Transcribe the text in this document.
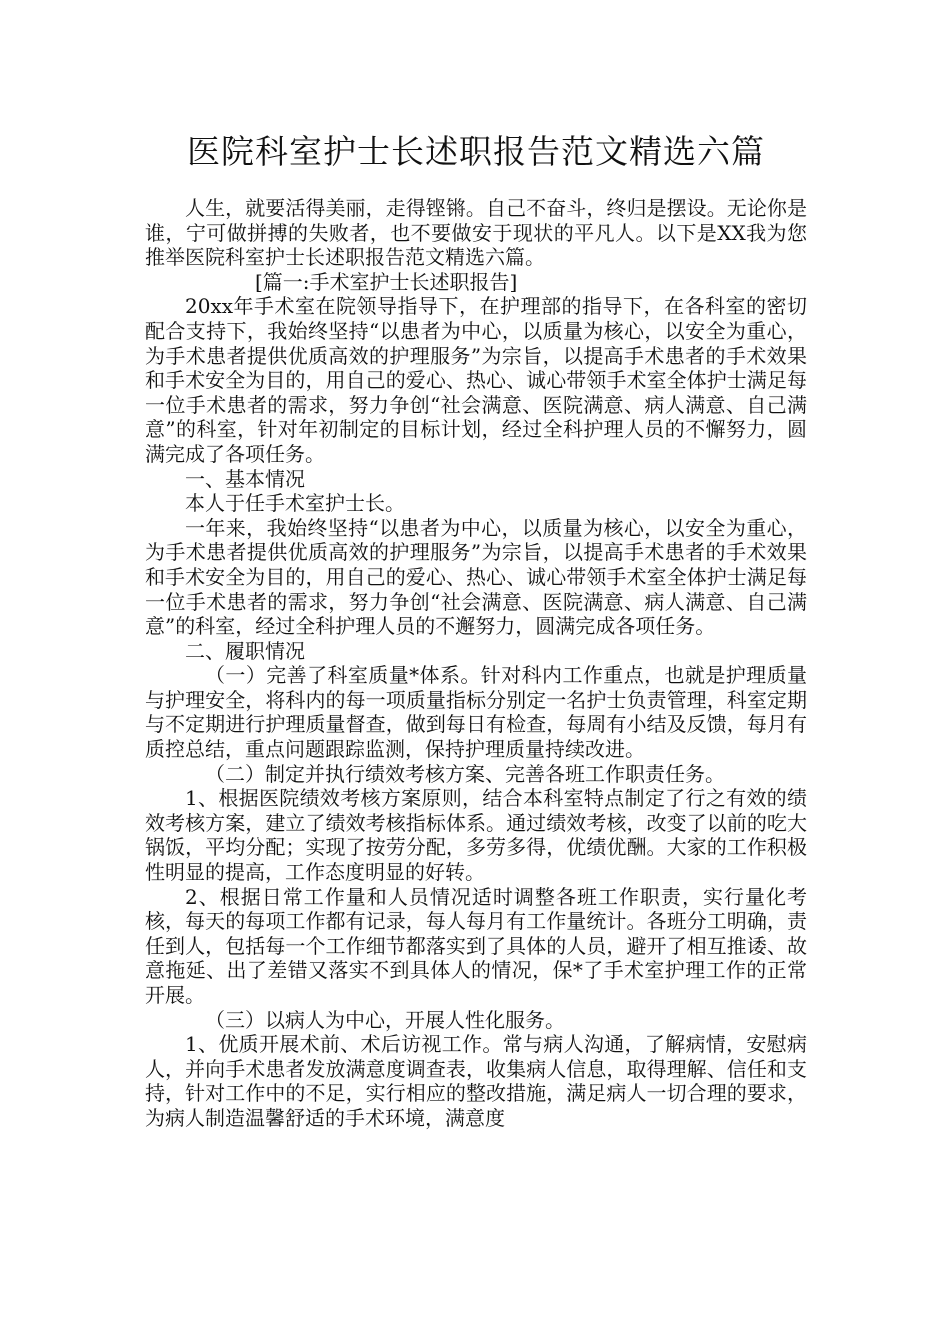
医院科室护士长述职报告范文精选六篇

人生，就要活得美丽，走得铿锵。自己不奋斗，终归是摆设。无论你是谁，宁可做拼搏的失败者，也不要做安于现状的平凡人。以下是XX我为您推举医院科室护士长述职报告范文精选六篇。

[篇一:手术室护士长述职报告]

20xx年手术室在院领导指导下，在护理部的指导下，在各科室的密切配合支持下，我始终坚持“以患者为中心，以质量为核心，以安全为重心，为手术患者提供优质高效的护理服务”为宗旨，以提高手术患者的手术效果和手术安全为目的，用自己的爱心、热心、诚心带领手术室全体护士满足每一位手术患者的需求，努力争创“社会满意、医院满意、病人满意、自己满意”的科室，针对年初制定的目标计划，经过全科护理人员的不懈努力，圆满完成了各项任务。

一、基本情况

本人于任手术室护士长。

一年来，我始终坚持“以患者为中心，以质量为核心，以安全为重心，为手术患者提供优质高效的护理服务”为宗旨，以提高手术患者的手术效果和手术安全为目的，用自己的爱心、热心、诚心带领手术室全体护士满足每一位手术患者的需求，努力争创“社会满意、医院满意、病人满意、自己满意”的科室，经过全科护理人员的不邂努力，圆满完成各项任务。

二、履职情况

（一）完善了科室质量*体系。针对科内工作重点，也就是护理质量与护理安全，将科内的每一项质量指标分别定一名护士负责管理，科室定期与不定期进行护理质量督查，做到每日有检查，每周有小结及反馈，每月有质控总结，重点问题跟踪监测，保持护理质量持续改进。

（二）制定并执行绩效考核方案、完善各班工作职责任务。

1、根据医院绩效考核方案原则，结合本科室特点制定了行之有效的绩效考核方案，建立了绩效考核指标体系。通过绩效考核，改变了以前的吃大锅饭，平均分配；实现了按劳分配，多劳多得，优绩优酬。大家的工作积极性明显的提高，工作态度明显的好转。

2、根据日常工作量和人员情况适时调整各班工作职责，实行量化考核，每天的每项工作都有记录，每人每月有工作量统计。各班分工明确，责任到人，包括每一个工作细节都落实到了具体的人员，避开了相互推诿、故意拖延、出了差错又落实不到具体人的情况，保*了手术室护理工作的正常开展。

（三）以病人为中心，开展人性化服务。

1、优质开展术前、术后访视工作。常与病人沟通，了解病情，安慰病人，并向手术患者发放满意度调查表，收集病人信息，取得理解、信任和支持，针对工作中的不足，实行相应的整改措施，满足病人一切合理的要求，为病人制造温馨舒适的手术环境，满意度
